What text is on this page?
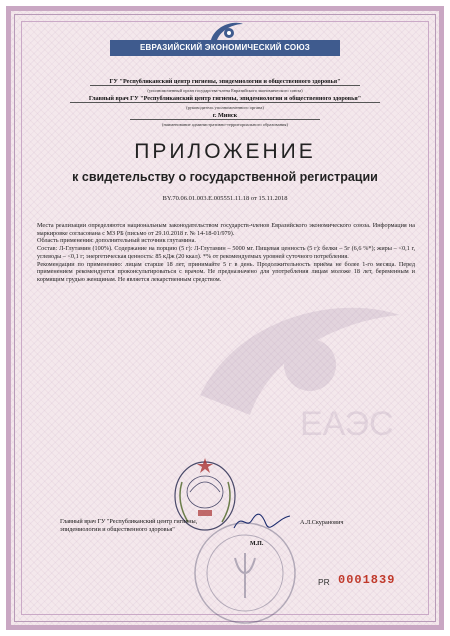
ЕВРАЗИЙСКИЙ ЭКОНОМИЧЕСКИЙ СОЮЗ
ГУ "Республиканский центр гигиены, эпидемиологии и общественного здоровья"
(уполномоченный орган государства-члена Евразийского экономического союза)
Главный врач ГУ "Республиканский центр гигиены, эпидемиологии и общественного здоровья"
(руководитель уполномоченного органа)
г. Минск
(наименование административно-территориального образования)
ПРИЛОЖЕНИЕ
к свидетельству о государственной регистрации
BY.70.06.01.003.E.005551.11.18 от 15.11.2018
ЕАЭС

Места реализации определяются национальным законодательством государств-членов Евразийского экономического союза. Информация на маркировке согласована с МЗ РБ (письмо от 29.10.2018 г. № 14-18-01/979).

Область применения: дополнительный источник глутамина.

Состав: Л-Глутамин (100%). Содержание на порцию (5 г): Л-Глутамин – 5000 мг. Пищевая ценность (5 г): белки – 5г (6,6 %*); жиры – <0,1 г, углеводы – <0,1 г; энергетическая ценность: 85 кДж (20 ккал). *% от рекомендуемых уровней суточного потребления.

Рекомендации по применению: лицам старше 18 лет, принимайте 5 г в день. Продолжительность приёма не более 1-го месяца. Перед применением рекомендуется проконсультироваться с врачом. Не предназначено для употребления лицам моложе 18 лет, беременным и кормящим грудью женщинам. Не является лекарственным средством.

Главный врач ГУ "Республиканский центр гигиены, эпидемиологии и общественного здоровья"
А.Л.Скуранович
М.П.
PR 0001839
